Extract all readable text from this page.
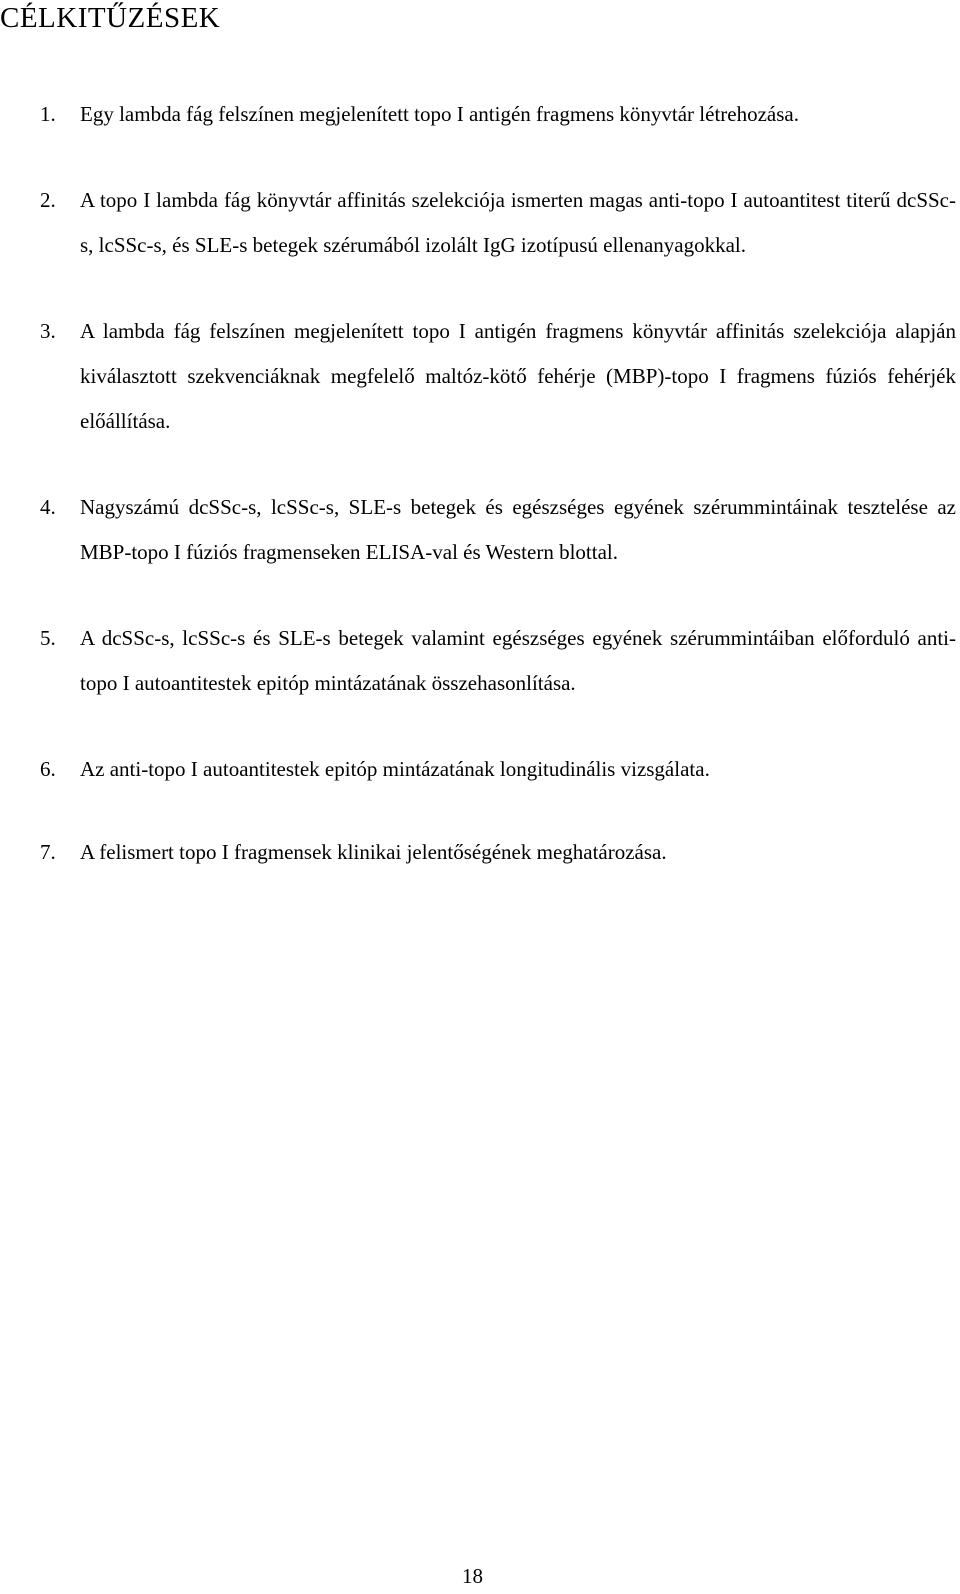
CÉLKITŰZÉSEK
1. Egy lambda fág felszínen megjelenített topo I antigén fragmens könyvtár létrehozása.
2. A topo I lambda fág könyvtár affinitás szelekciója ismerten magas anti-topo I autoantitest titerű dcSSc-s, lcSSc-s, és SLE-s betegek szérumából izolált IgG izotípusú ellenanyagokkal.
3. A lambda fág felszínen megjelenített topo I antigén fragmens könyvtár affinitás szelekciója alapján kiválasztott szekvenciáknak megfelelő maltóz-kötő fehérje (MBP)-topo I fragmens fúziós fehérjék előállítása.
4. Nagyszámú dcSSc-s, lcSSc-s, SLE-s betegek és egészséges egyének szérummintáinak tesztelése az MBP-topo I fúziós fragmenseken ELISA-val és Western blottal.
5. A dcSSc-s, lcSSc-s és SLE-s betegek valamint egészséges egyének szérummintáiban előforduló anti-topo I autoantitestek epitóp mintázatának összehasonlítása.
6. Az anti-topo I autoantitestek epitóp mintázatának longitudinális vizsgálata.
7. A felismert topo I fragmensek klinikai jelentőségének meghatározása.
18
